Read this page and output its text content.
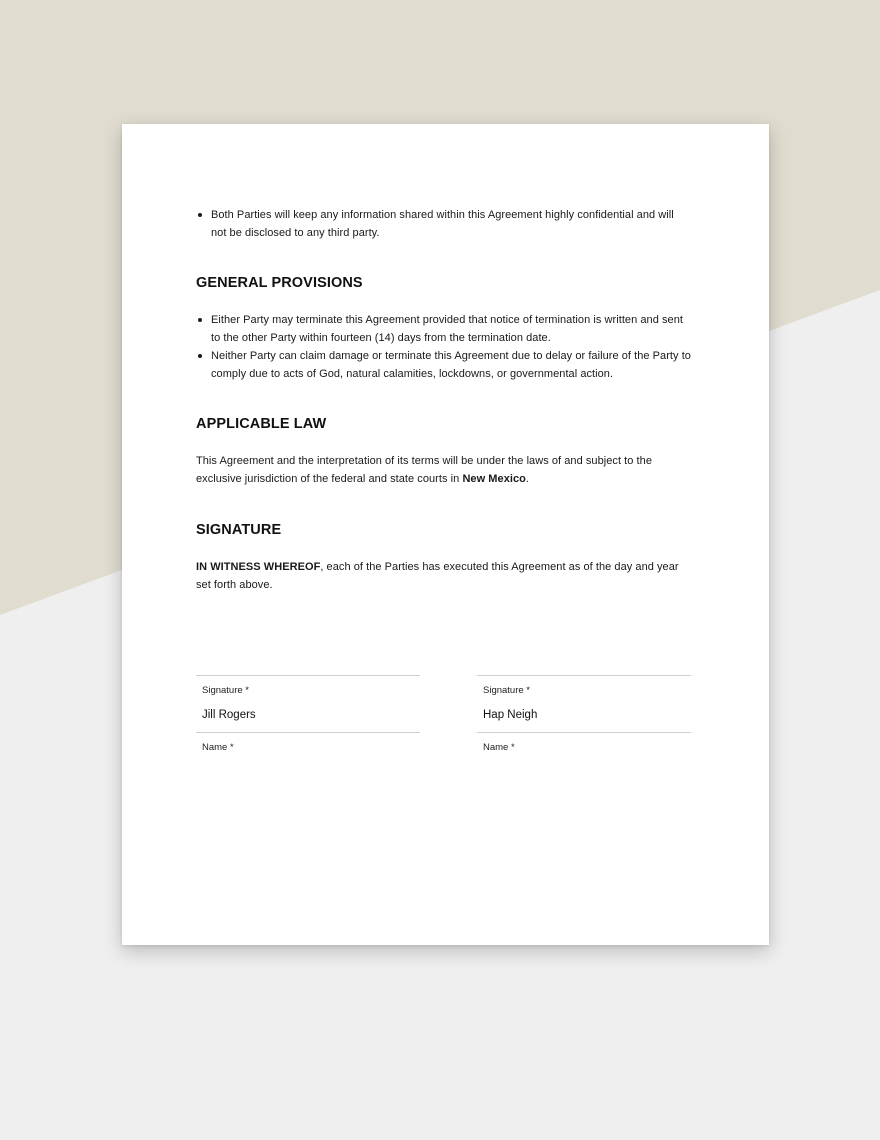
Both Parties will keep any information shared within this Agreement highly confidential and will not be disclosed to any third party.
GENERAL PROVISIONS
Either Party may terminate this Agreement provided that notice of termination is written and sent to the other Party within fourteen (14) days from the termination date.
Neither Party can claim damage or terminate this Agreement due to delay or failure of the Party to comply due to acts of God, natural calamities, lockdowns, or governmental action.
APPLICABLE LAW

This Agreement and the interpretation of its terms will be under the laws of and subject to the exclusive jurisdiction of the federal and state courts in New Mexico.

SIGNATURE

IN WITNESS WHEREOF, each of the Parties has executed this Agreement as of the day and year set forth above.

Signature *
Jill Rogers
Name *
Signature *
Hap Neigh
Name *
